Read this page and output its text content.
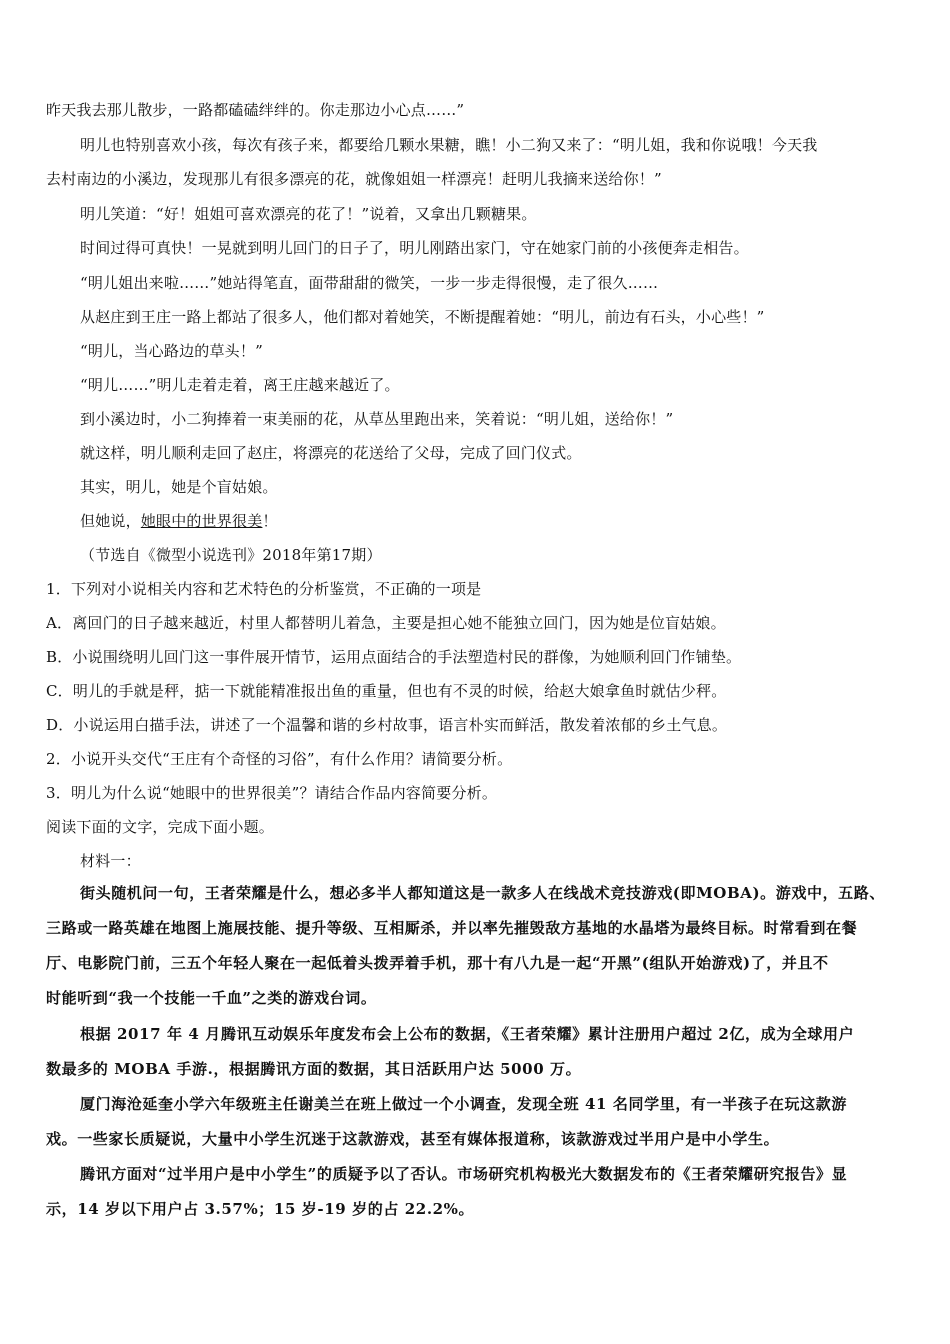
昨天我去那儿散步，一路都磕磕绊绊的。你走那边小心点……”
明儿也特别喜欢小孩，每次有孩子来，都要给几颗水果糖，瞧！小二狗又来了：“明儿姐，我和你说哦！今天我
去村南边的小溪边，发现那儿有很多漂亮的花，就像姐姐一样漂亮！赶明儿我摘来送给你！”
明儿笑道：“好！姐姐可喜欢漂亮的花了！”说着，又拿出几颗糖果。
时间过得可真快！一晃就到明儿回门的日子了，明儿刚踏出家门，守在她家门前的小孩便奔走相告。
“明儿姐出来啦……”她站得笔直，面带甜甜的微笑，一步一步走得很慢，走了很久……
从赵庄到王庄一路上都站了很多人，他们都对着她笑，不断提醒着她：“明儿，前边有石头，小心些！”
“明儿，当心路边的草头！”
“明儿……”明儿走着走着，离王庄越来越近了。
到小溪边时，小二狗捧着一束美丽的花，从草丛里跑出来，笑着说：“明儿姐，送给你！”
就这样，明儿顺利走回了赵庄，将漂亮的花送给了父母，完成了回门仪式。
其实，明儿，她是个盲姑娘。
但她说，她眼中的世界很美！
（节选自《微型小说选刊》2018年第17期）
1．下列对小说相关内容和艺术特色的分析鉴赏，不正确的一项是
A．离回门的日子越来越近，村里人都替明儿着急，主要是担心她不能独立回门，因为她是位盲姑娘。
B．小说围绕明儿回门这一事件展开情节，运用点面结合的手法塑造村民的群像，为她顺利回门作铺垫。
C．明儿的手就是秤，掂一下就能精准报出鱼的重量，但也有不灵的时候，给赵大娘拿鱼时就估少秤。
D．小说运用白描手法，讲述了一个温馨和谐的乡村故事，语言朴实而鲜活，散发着浓郁的乡土气息。
2．小说开头交代“王庄有个奇怪的习俗”，有什么作用？请简要分析。
3．明儿为什么说“她眼中的世界很美”？请结合作品内容简要分析。
阅读下面的文字，完成下面小题。
材料一：
街头随机问一句，王者荣耀是什么，想必多半人都知道这是一款多人在线战术竞技游戏(即MOBA)。游戏中，五路、
三路或一路英雄在地图上施展技能、提升等级、互相厮杀，并以率先摧毁敌方基地的水晶塔为最终目标。时常看到在餐
厅、电影院门前，三五个年轻人聚在一起低着头拨弄着手机，那十有八九是一起“开黑”(组队开始游戏)了，并且不
时能听到“我一个技能一千血”之类的游戏台词。
根据 2017 年 4 月腾讯互动娱乐年度发布会上公布的数据，《王者荣耀》累计注册用户超过 2亿，成为全球用户
数最多的 MOBA 手游.，根据腾讯方面的数据，其日活跃用户达 5000 万。
厦门海沧延奎小学六年级班主任谢美兰在班上做过一个小调查，发现全班 41 名同学里，有一半孩子在玩这款游
戏。一些家长质疑说，大量中小学生沉迷于这款游戏，甚至有媒体报道称，该款游戏过半用户是中小学生。
腾讯方面对“过半用户是中小学生”的质疑予以了否认。市场研究机构极光大数据发布的《王者荣耀研究报告》显
示，14 岁以下用户占 3.57%；15 岁-19 岁的占 22.2%。
